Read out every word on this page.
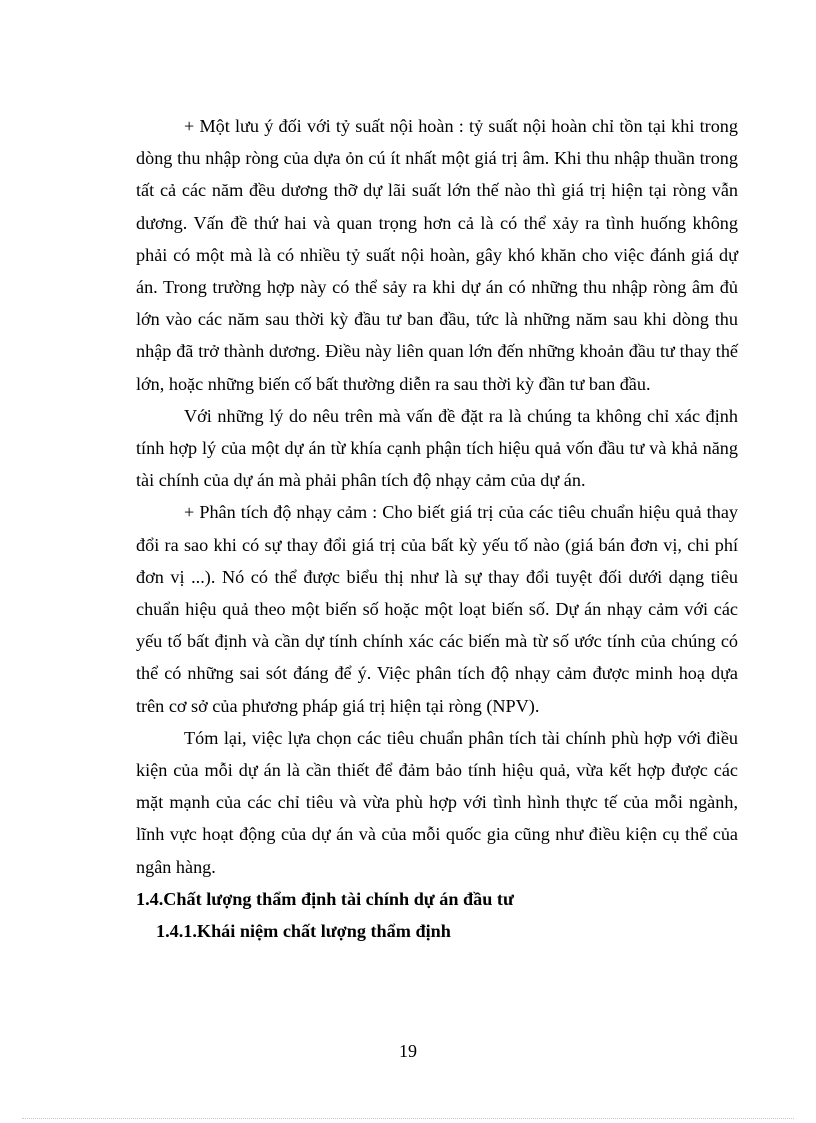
+ Một lưu ý đối với tỷ suất nội hoàn : tỷ suất nội hoàn chỉ tồn tại khi trong dòng thu nhập ròng của dựa ỏn cú ít nhất một giá trị âm. Khi thu nhập thuần trong tất cả các năm đều dương thỡ dự lãi suất lớn thế nào thì giá trị hiện tại ròng vẫn dương. Vấn đề thứ hai và quan trọng hơn cả là có thể xảy ra tình huống không phải có một mà là có nhiều tỷ suất nội hoàn, gây khó khăn cho việc đánh giá dự án. Trong trường hợp này có thể sảy ra khi dự án có những thu nhập ròng âm đủ lớn vào các năm sau thời kỳ đầu tư ban đầu, tức là những năm sau khi dòng thu nhập đã trở thành dương. Điều này liên quan lớn đến những khoản đầu tư thay thế lớn, hoặc những biến cố bất thường diễn ra sau thời kỳ đần tư ban đầu.

Với những lý do nêu trên mà vấn đề đặt ra là chúng ta không chỉ xác định tính hợp lý của một dự án từ khía cạnh phận tích hiệu quả vốn đầu tư và khả năng tài chính của dự án mà phải phân tích độ nhạy cảm của dự án.

+ Phân tích độ nhạy cảm : Cho biết giá trị của các tiêu chuẩn hiệu quả thay đổi ra sao khi có sự thay đổi giá trị của bất kỳ yếu tố nào (giá bán đơn vị, chi phí đơn vị ...). Nó có thể được biểu thị như là sự thay đổi tuyệt đối dưới dạng tiêu chuẩn hiệu quả theo một biến số hoặc một loạt biến số. Dự án nhạy cảm với các yếu tố bất định và cần dự tính chính xác các biến mà từ số ước tính của chúng có thể có những sai sót đáng để ý. Việc phân tích độ nhạy cảm được minh hoạ dựa trên cơ sở của phương pháp giá trị hiện tại ròng (NPV).

Tóm lại, việc lựa chọn các tiêu chuẩn phân tích tài chính phù hợp với điều kiện của mỗi dự án là cần thiết để đảm bảo tính hiệu quả, vừa kết hợp được các mặt mạnh của các chỉ tiêu và vừa phù hợp với tình hình thực tế của mỗi ngành, lĩnh vực hoạt động của dự án và của mỗi quốc gia cũng như điều kiện cụ thể của ngân hàng.

1.4.Chất lượng thẩm định tài chính dự án đầu tư

1.4.1.Khái niệm chất lượng thẩm định

19
